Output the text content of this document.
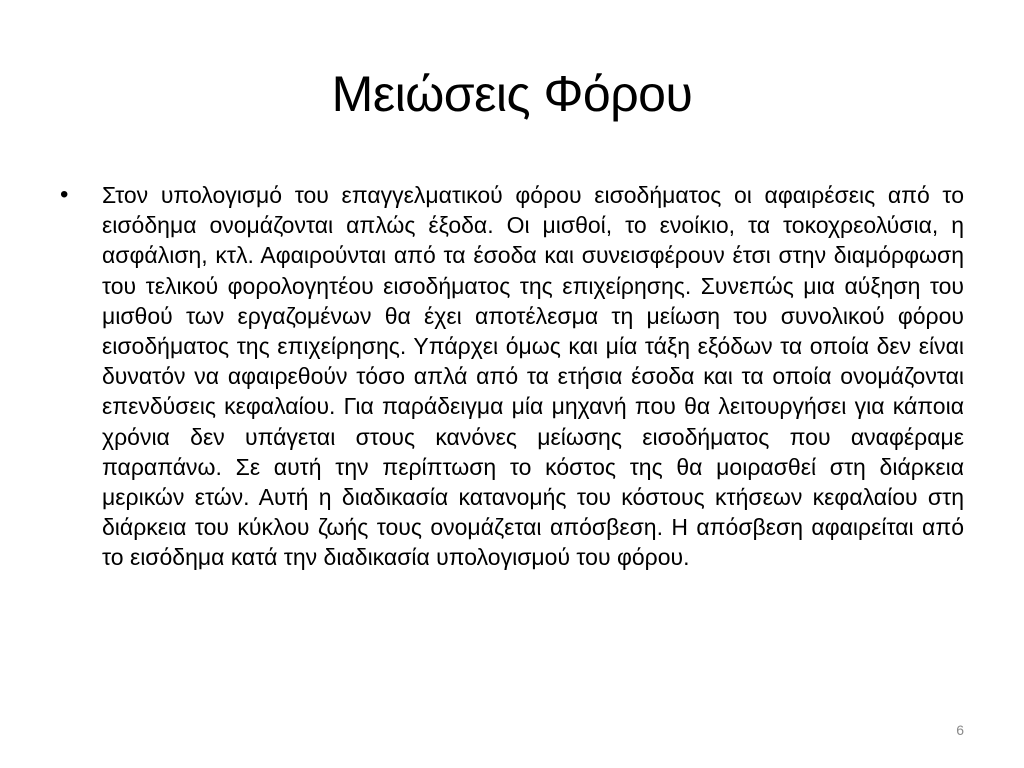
Μειώσεις Φόρου
•	Στον υπολογισμό του επαγγελματικού φόρου εισοδήματος οι αφαιρέσεις από το εισόδημα ονομάζονται απλώς έξοδα. Οι μισθοί, το ενοίκιο, τα τοκοχρεολύσια, η ασφάλιση, κτλ. Αφαιρούνται από τα έσοδα και συνεισφέρουν έτσι στην διαμόρφωση του τελικού φορολογητέου εισοδήματος της επιχείρησης. Συνεπώς μια αύξηση του μισθού των εργαζομένων θα έχει αποτέλεσμα τη μείωση του συνολικού φόρου εισοδήματος της επιχείρησης. Υπάρχει όμως και μία τάξη εξόδων τα οποία δεν είναι δυνατόν να αφαιρεθούν τόσο απλά από τα ετήσια έσοδα και τα οποία ονομάζονται επενδύσεις κεφαλαίου. Για παράδειγμα μία μηχανή που θα λειτουργήσει για κάποια χρόνια δεν υπάγεται στους κανόνες μείωσης εισοδήματος που αναφέραμε παραπάνω. Σε αυτή την περίπτωση το κόστος της θα μοιρασθεί στη διάρκεια μερικών ετών. Αυτή η διαδικασία κατανομής του κόστους κτήσεων κεφαλαίου στη διάρκεια του κύκλου ζωής τους ονομάζεται απόσβεση. Η απόσβεση αφαιρείται από το εισόδημα κατά την διαδικασία υπολογισμού του φόρου.

6
